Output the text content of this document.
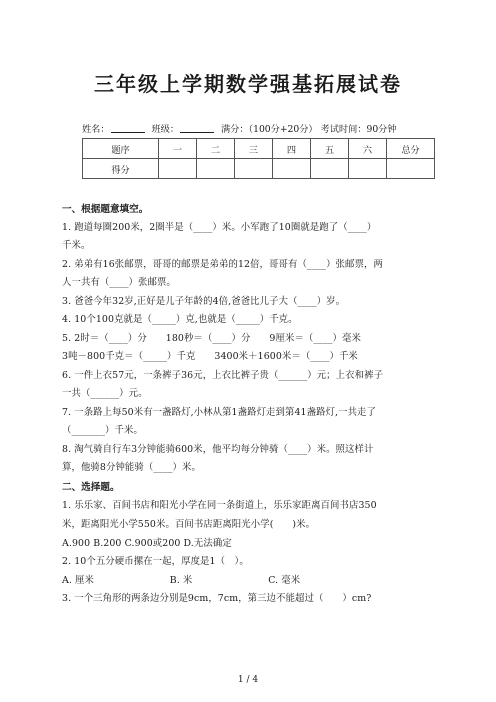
三年级上学期数学强基拓展试卷
姓名：	班级：	满分：（100分+20分） 考试时间：90分钟
题序	一	二	三	四	五	六	总分
得分							
一、根据题意填空。
1. 跑道每圈200米，2圈半是（____）米。小军跑了10圈就是跑了（____）
千米。
2. 弟弟有16张邮票，哥哥的邮票是弟弟的12倍，哥哥有（____）张邮票，两
人一共有（____）张邮票。
3. 爸爸今年32岁,正好是儿子年龄的4倍,爸爸比儿子大（____）岁。
4. 10个100克就是（_____）克,也就是（_____）千克。
5. 2时＝（____）分　　180秒＝（____）分　　9厘米＝（____）毫米
3吨－800千克＝（_____）千克　　3400米＋1600米＝（____）千米
6. 一件上衣57元，一条裤子36元，上衣比裤子贵（______）元；上衣和裤子
一共（______）元。
7. 一条路上每50米有一盏路灯,小林从第1盏路灯走到第41盏路灯,一共走了
（_______）千米。
8. 淘气骑自行车3分钟能骑600米，他平均每分钟骑（____）米。照这样计
算，他骑8分钟能骑（____）米。
二、选择题。
1. 乐乐家、百间书店和阳光小学在同一条街道上，乐乐家距离百间书店350
米，距离阳光小学550米。百间书店距离阳光小学(　　)米。
A.900 B.200 C.900或200 D.无法确定
2. 10个五分硬币摞在一起，厚度是1（　）。
A. 厘米　　　　　　　　B. 米　　　　　　　　C. 毫米
3. 一个三角形的两条边分别是9cm，7cm，第三边不能超过（　　）cm?
1 / 4
